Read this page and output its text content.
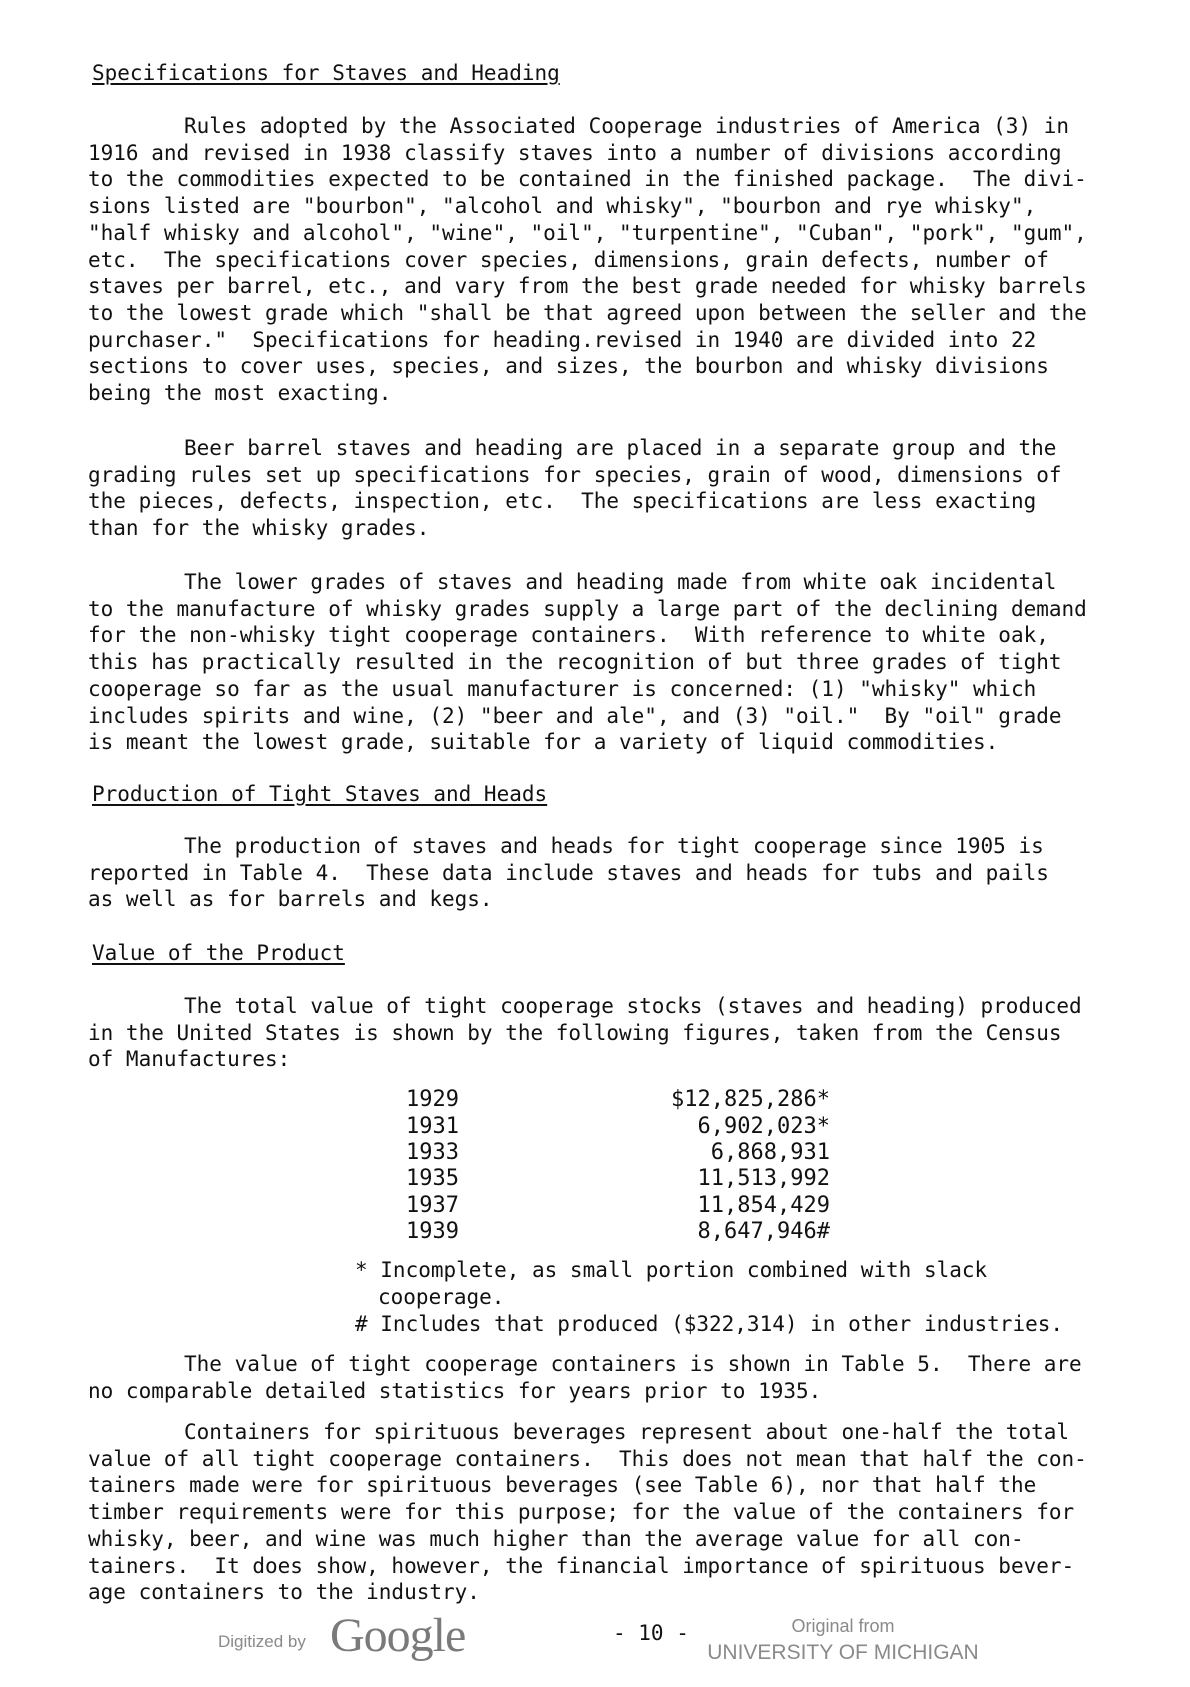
Specifications for Staves and Heading
Rules adopted by the Associated Cooperage industries of America (3) in
1916 and revised in 1938 classify staves into a number of divisions according
to the commodities expected to be contained in the finished package.  The divi-
sions listed are "bourbon", "alcohol and whisky", "bourbon and rye whisky",
"half whisky and alcohol", "wine", "oil", "turpentine", "Cuban", "pork", "gum",
etc.  The specifications cover species, dimensions, grain defects, number of
staves per barrel, etc., and vary from the best grade needed for whisky barrels
to the lowest grade which "shall be that agreed upon between the seller and the
purchaser."  Specifications for heading.revised in 1940 are divided into 22
sections to cover uses, species, and sizes, the bourbon and whisky divisions
being the most exacting.
Beer barrel staves and heading are placed in a separate group and the
grading rules set up specifications for species, grain of wood, dimensions of
the pieces, defects, inspection, etc.  The specifications are less exacting
than for the whisky grades.
The lower grades of staves and heading made from white oak incidental
to the manufacture of whisky grades supply a large part of the declining demand
for the non-whisky tight cooperage containers.  With reference to white oak,
this has practically resulted in the recognition of but three grades of tight
cooperage so far as the usual manufacturer is concerned: (1) "whisky" which
includes spirits and wine, (2) "beer and ale", and (3) "oil."  By "oil" grade
is meant the lowest grade, suitable for a variety of liquid commodities.
Production of Tight Staves and Heads
The production of staves and heads for tight cooperage since 1905 is
reported in Table 4.  These data include staves and heads for tubs and pails
as well as for barrels and kegs.
Value of the Product
The total value of tight cooperage stocks (staves and heading) produced
in the United States is shown by the following figures, taken from the Census
of Manufactures:
1929	$12,825,286*
1931	6,902,023*
1933	6,868,931
1935	11,513,992
1937	11,854,429
1939	8,647,946#
* Incomplete, as small portion combined with slack
cooperage.
# Includes that produced ($322,314) in other industries.
The value of tight cooperage containers is shown in Table 5.  There are
no comparable detailed statistics for years prior to 1935.
Containers for spirituous beverages represent about one-half the total
value of all tight cooperage containers.  This does not mean that half the con-
tainers made were for spirituous beverages (see Table 6), nor that half the
timber requirements were for this purpose; for the value of the containers for
whisky, beer, and wine was much higher than the average value for all con-
tainers.  It does show, however, the financial importance of spirituous bever-
age containers to the industry.
Digitized by Google	- 10 -	Original from
UNIVERSITY OF MICHIGAN
